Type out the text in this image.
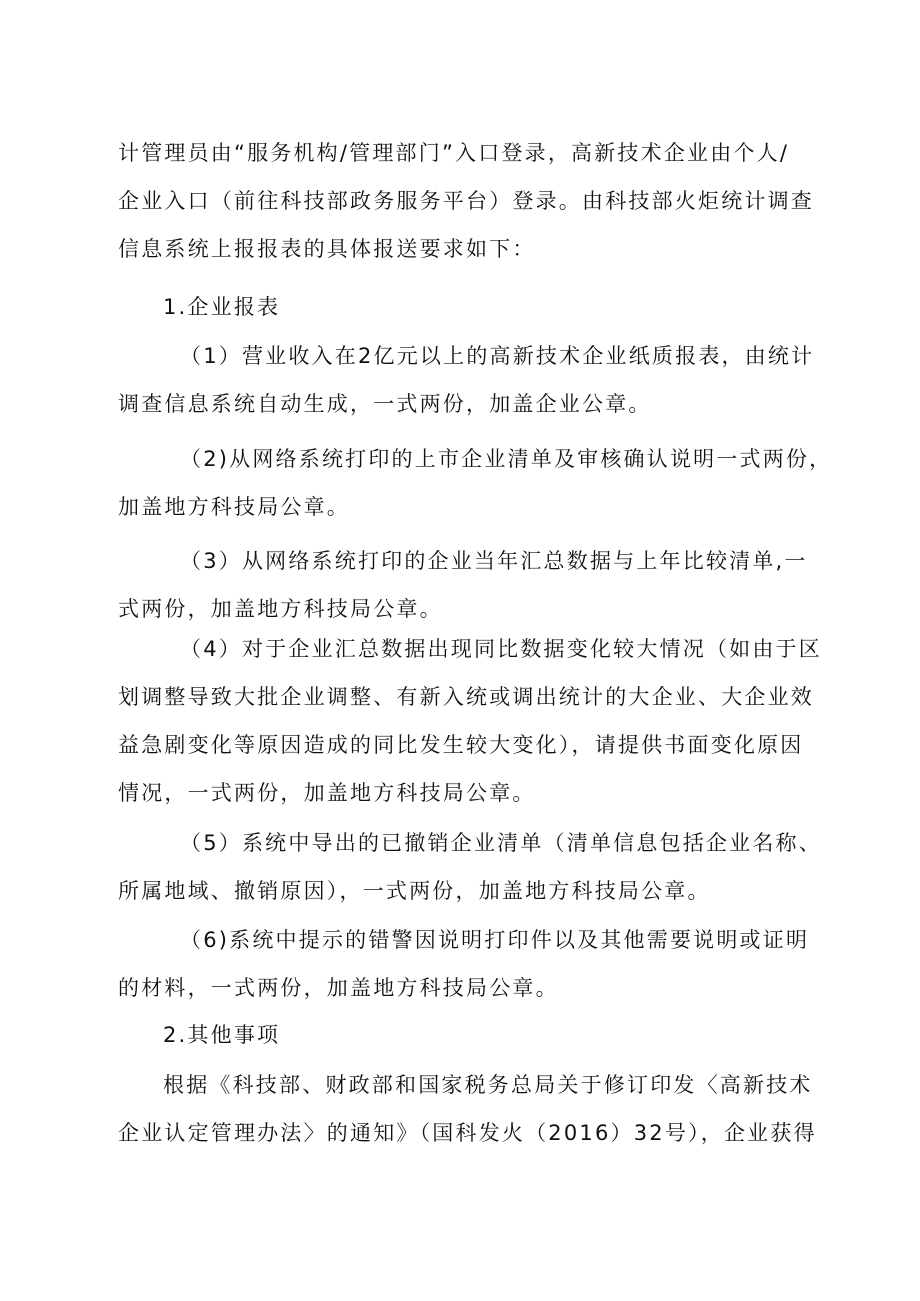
计管理员由“服务机构/管理部门”入口登录，高新技术企业由个人/
企业入口（前往科技部政务服务平台）登录。由科技部火炬统计调查
信息系统上报报表的具体报送要求如下：

1.企业报表

（1）营业收入在2亿元以上的高新技术企业纸质报表，由统计
调查信息系统自动生成，一式两份，加盖企业公章。

（2)从网络系统打印的上市企业清单及审核确认说明一式两份，
加盖地方科技局公章。

（3）从网络系统打印的企业当年汇总数据与上年比较清单,一
式两份，加盖地方科技局公章。

（4）对于企业汇总数据出现同比数据变化较大情况（如由于区
划调整导致大批企业调整、有新入统或调出统计的大企业、大企业效
益急剧变化等原因造成的同比发生较大变化），请提供书面变化原因
情况，一式两份，加盖地方科技局公章。

（5）系统中导出的已撤销企业清单（清单信息包括企业名称、
所属地域、撤销原因），一式两份，加盖地方科技局公章。

（6)系统中提示的错警因说明打印件以及其他需要说明或证明
的材料，一式两份，加盖地方科技局公章。

2.其他事项

根据《科技部、财政部和国家税务总局关于修订印发〈高新技术
企业认定管理办法〉的通知》（国科发火（2016）32号），企业获得
